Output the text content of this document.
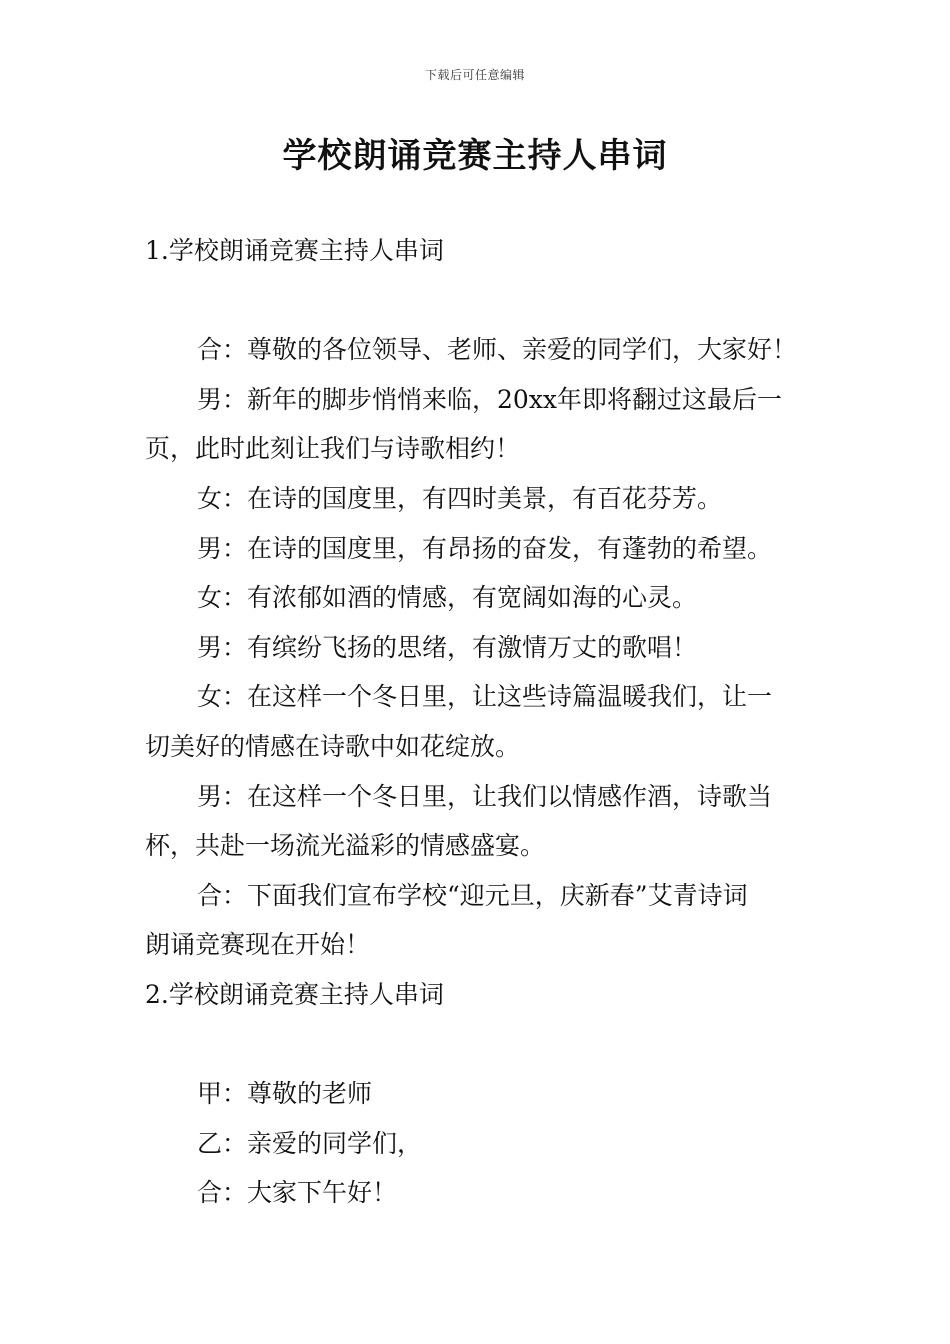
下载后可任意编辑
学校朗诵竞赛主持人串词
1.学校朗诵竞赛主持人串词
合：尊敬的各位领导、老师、亲爱的同学们，大家好！
男：新年的脚步悄悄来临，20xx年即将翻过这最后一
页，此时此刻让我们与诗歌相约！
女：在诗的国度里，有四时美景，有百花芬芳。
男：在诗的国度里，有昂扬的奋发，有蓬勃的希望。
女：有浓郁如酒的情感，有宽阔如海的心灵。
男：有缤纷飞扬的思绪，有激情万丈的歌唱！
女：在这样一个冬日里，让这些诗篇温暖我们，让一
切美好的情感在诗歌中如花绽放。
男：在这样一个冬日里，让我们以情感作酒，诗歌当
杯，共赴一场流光溢彩的情感盛宴。
合：下面我们宣布学校“迎元旦，庆新春”艾青诗词
朗诵竞赛现在开始！
2.学校朗诵竞赛主持人串词
甲：尊敬的老师
乙：亲爱的同学们，
合：大家下午好！
